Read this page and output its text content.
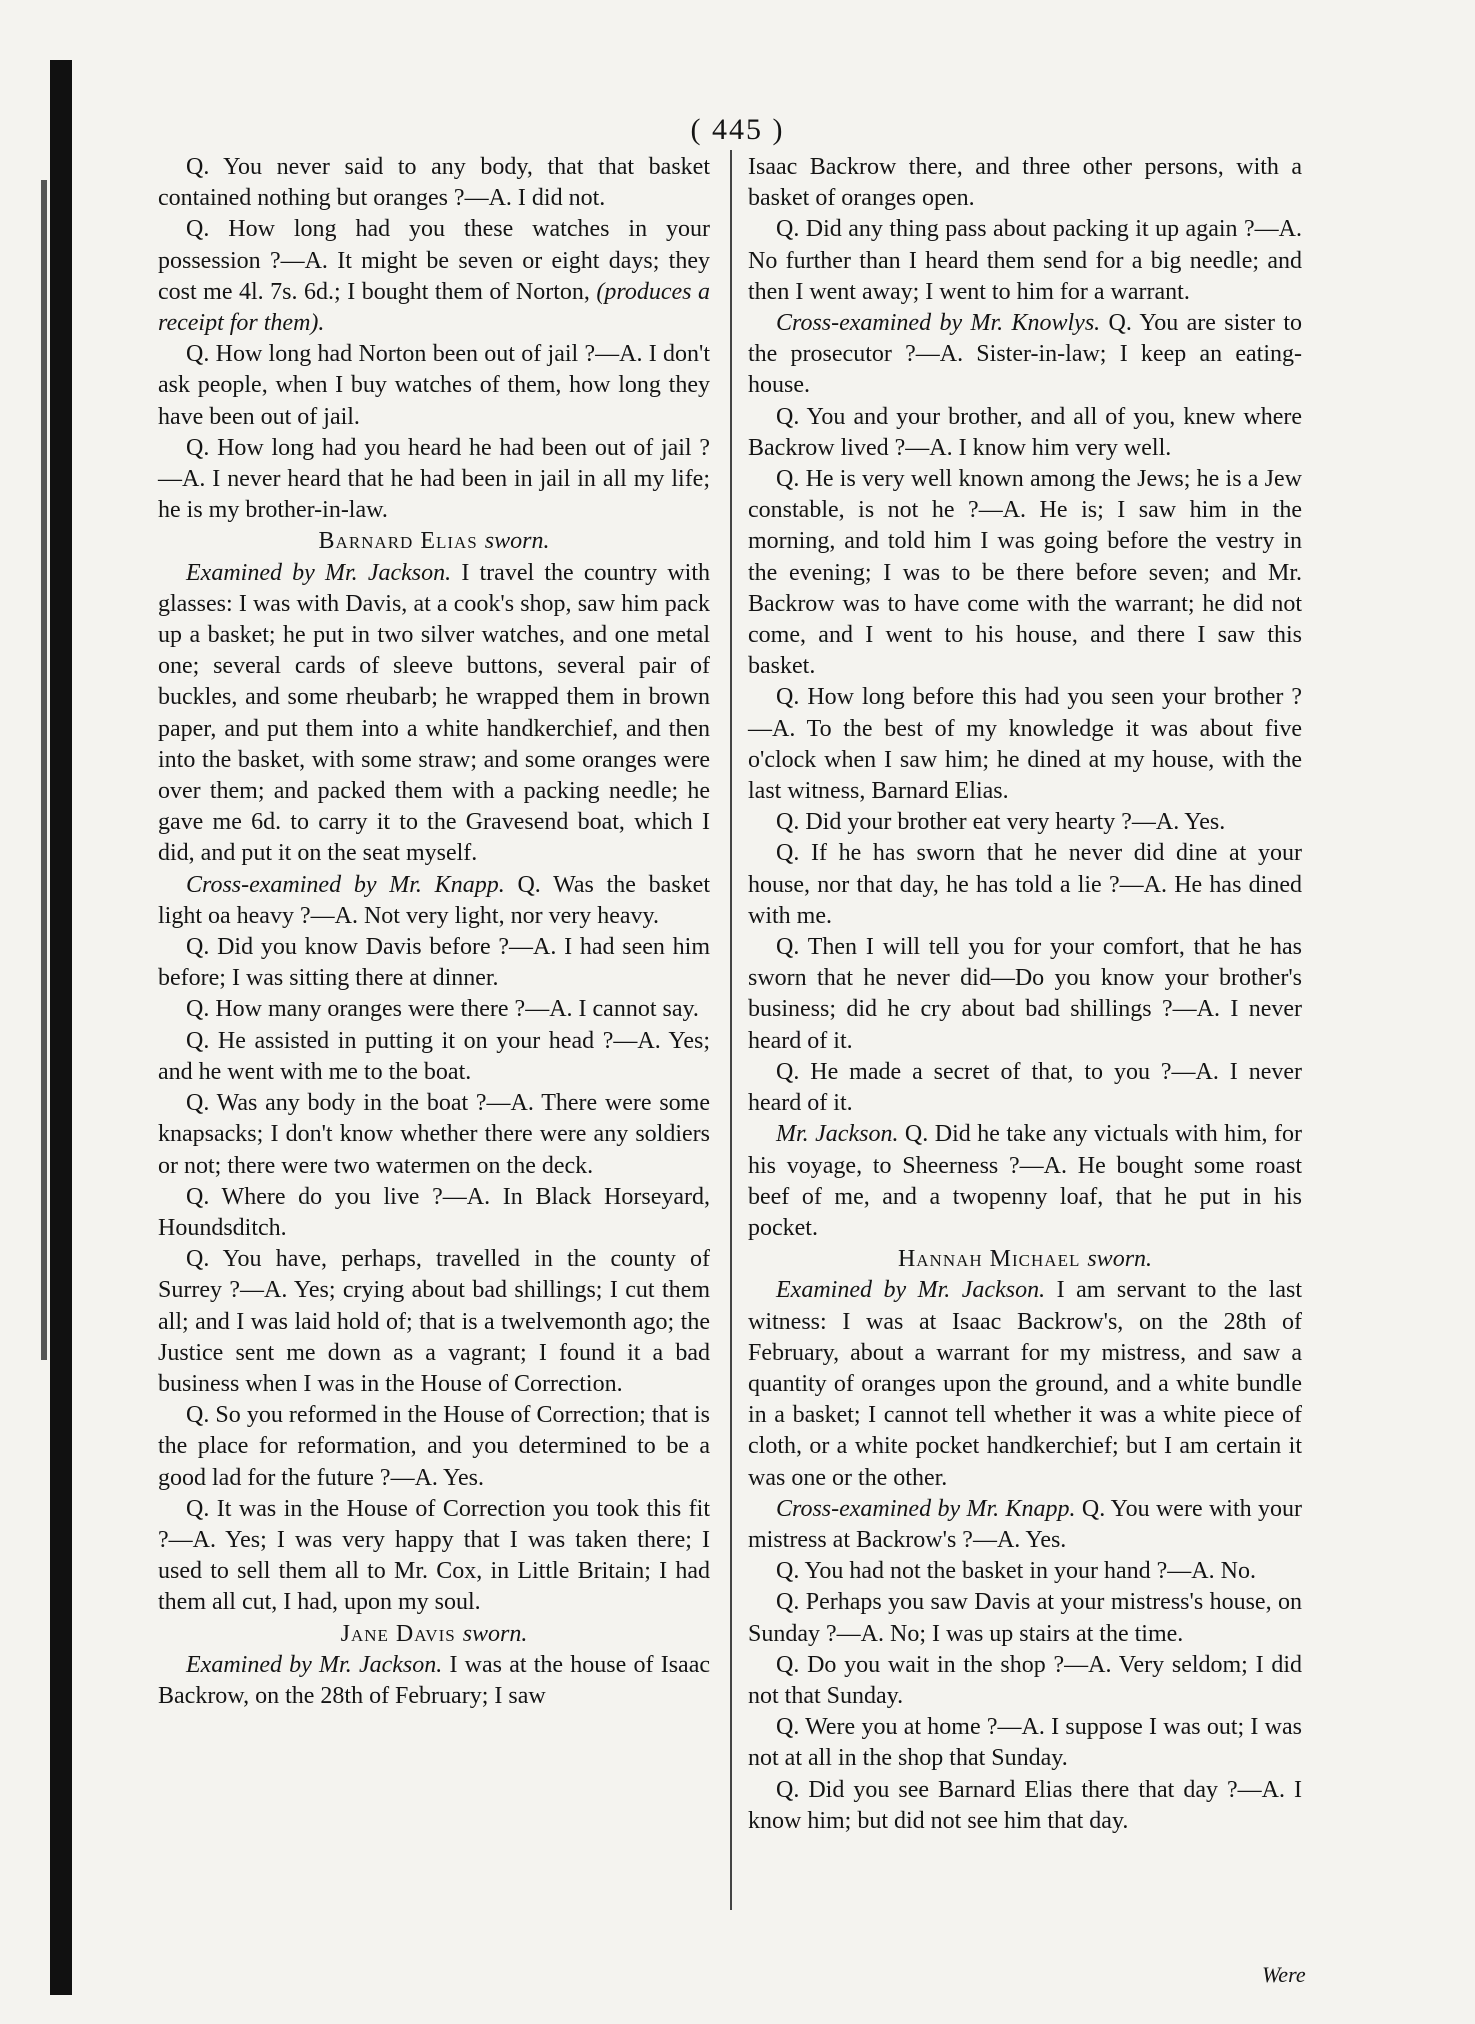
( 445 )

Q. You never said to any body, that that basket contained nothing but oranges ?—A. I did not.

Q. How long had you these watches in your possession ?—A. It might be seven or eight days; they cost me 4l. 7s. 6d.; I bought them of Norton, (produces a receipt for them).

Q. How long had Norton been out of jail ?—A. I don't ask people, when I buy watches of them, how long they have been out of jail.

Q. How long had you heard he had been out of jail ?—A. I never heard that he had been in jail in all my life; he is my brother-in-law.

Barnard Elias sworn.

Examined by Mr. Jackson. I travel the country with glasses: I was with Davis, at a cook's shop, saw him pack up a basket; he put in two silver watches, and one metal one; several cards of sleeve buttons, several pair of buckles, and some rheubarb; he wrapped them in brown paper, and put them into a white handkerchief, and then into the basket, with some straw; and some oranges were over them; and packed them with a packing needle; he gave me 6d. to carry it to the Gravesend boat, which I did, and put it on the seat myself.

Cross-examined by Mr. Knapp. Q. Was the basket light oa heavy ?—A. Not very light, nor very heavy.

Q. Did you know Davis before ?—A. I had seen him before; I was sitting there at dinner.

Q. How many oranges were there ?—A. I cannot say.

Q. He assisted in putting it on your head ?—A. Yes; and he went with me to the boat.

Q. Was any body in the boat ?—A. There were some knapsacks; I don't know whether there were any soldiers or not; there were two watermen on the deck.

Q. Where do you live ?—A. In Black Horseyard, Houndsditch.

Q. You have, perhaps, travelled in the county of Surrey ?—A. Yes; crying about bad shillings; I cut them all; and I was laid hold of; that is a twelvemonth ago; the Justice sent me down as a vagrant; I found it a bad business when I was in the House of Correction.

Q. So you reformed in the House of Correction; that is the place for reformation, and you determined to be a good lad for the future ?—A. Yes.

Q. It was in the House of Correction you took this fit ?—A. Yes; I was very happy that I was taken there; I used to sell them all to Mr. Cox, in Little Britain; I had them all cut, I had, upon my soul.

Jane Davis sworn.

Examined by Mr. Jackson. I was at the house of Isaac Backrow, on the 28th of February; I saw

Isaac Backrow there, and three other persons, with a basket of oranges open.

Q. Did any thing pass about packing it up again ?—A. No further than I heard them send for a big needle; and then I went away; I went to him for a warrant.

Cross-examined by Mr. Knowlys. Q. You are sister to the prosecutor ?—A. Sister-in-law; I keep an eating-house.

Q. You and your brother, and all of you, knew where Backrow lived ?—A. I know him very well.

Q. He is very well known among the Jews; he is a Jew constable, is not he ?—A. He is; I saw him in the morning, and told him I was going before the vestry in the evening; I was to be there before seven; and Mr. Backrow was to have come with the warrant; he did not come, and I went to his house, and there I saw this basket.

Q. How long before this had you seen your brother ?—A. To the best of my knowledge it was about five o'clock when I saw him; he dined at my house, with the last witness, Barnard Elias.

Q. Did your brother eat very hearty ?—A. Yes.

Q. If he has sworn that he never did dine at your house, nor that day, he has told a lie ?—A. He has dined with me.

Q. Then I will tell you for your comfort, that he has sworn that he never did—Do you know your brother's business; did he cry about bad shillings ?—A. I never heard of it.

Q. He made a secret of that, to you ?—A. I never heard of it.

Mr. Jackson. Q. Did he take any victuals with him, for his voyage, to Sheerness ?—A. He bought some roast beef of me, and a twopenny loaf, that he put in his pocket.

Hannah Michael sworn.

Examined by Mr. Jackson. I am servant to the last witness: I was at Isaac Backrow's, on the 28th of February, about a warrant for my mistress, and saw a quantity of oranges upon the ground, and a white bundle in a basket; I cannot tell whether it was a white piece of cloth, or a white pocket handkerchief; but I am certain it was one or the other.

Cross-examined by Mr. Knapp. Q. You were with your mistress at Backrow's ?—A. Yes.

Q. You had not the basket in your hand ?—A. No.

Q. Perhaps you saw Davis at your mistress's house, on Sunday ?—A. No; I was up stairs at the time.

Q. Do you wait in the shop ?—A. Very seldom; I did not that Sunday.

Q. Were you at home ?—A. I suppose I was out; I was not at all in the shop that Sunday.

Q. Did you see Barnard Elias there that day ?—A. I know him; but did not see him that day.

Were
